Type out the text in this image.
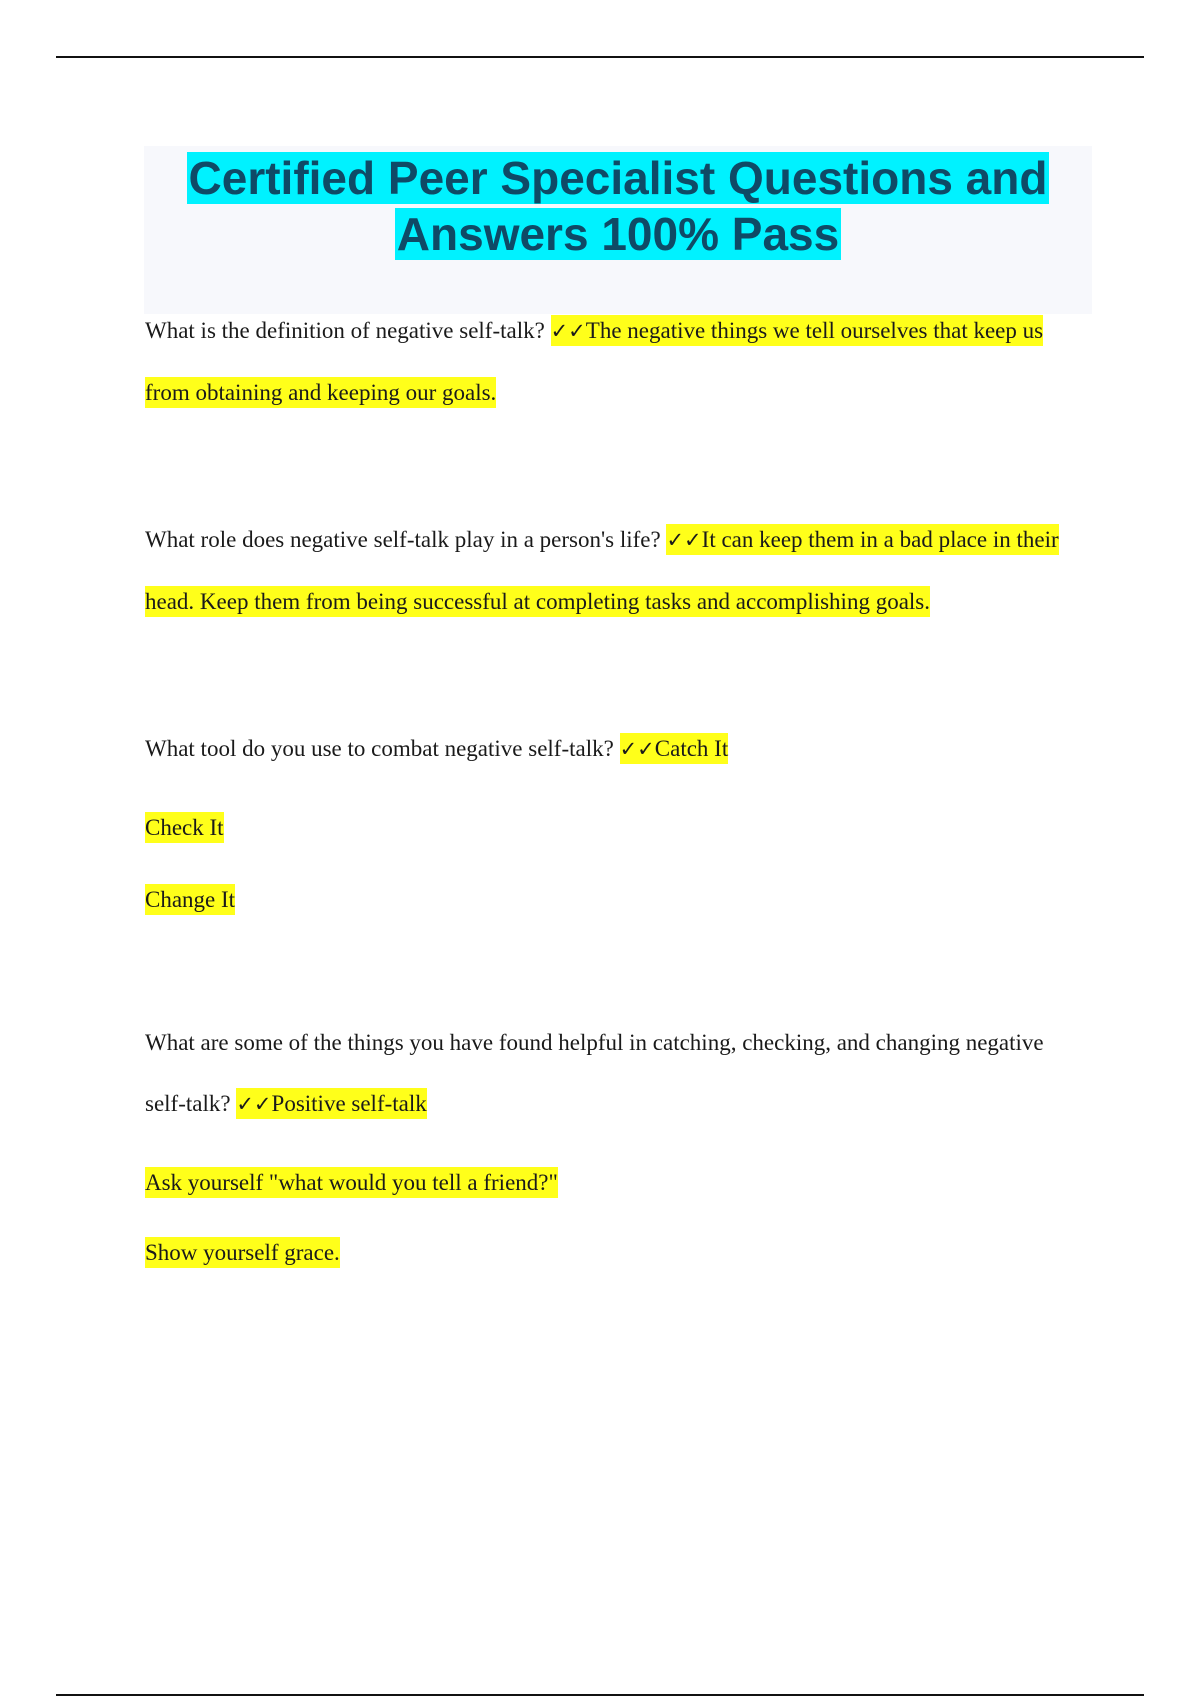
Certified Peer Specialist Questions and Answers 100% Pass

What is the definition of negative self-talk? ✓✓The negative things we tell ourselves that keep us from obtaining and keeping our goals.

What role does negative self-talk play in a person's life? ✓✓It can keep them in a bad place in their head. Keep them from being successful at completing tasks and accomplishing goals.

What tool do you use to combat negative self-talk? ✓✓Catch It

Check It

Change It

What are some of the things you have found helpful in catching, checking, and changing negative self-talk? ✓✓Positive self-talk

Ask yourself "what would you tell a friend?"

Show yourself grace.
